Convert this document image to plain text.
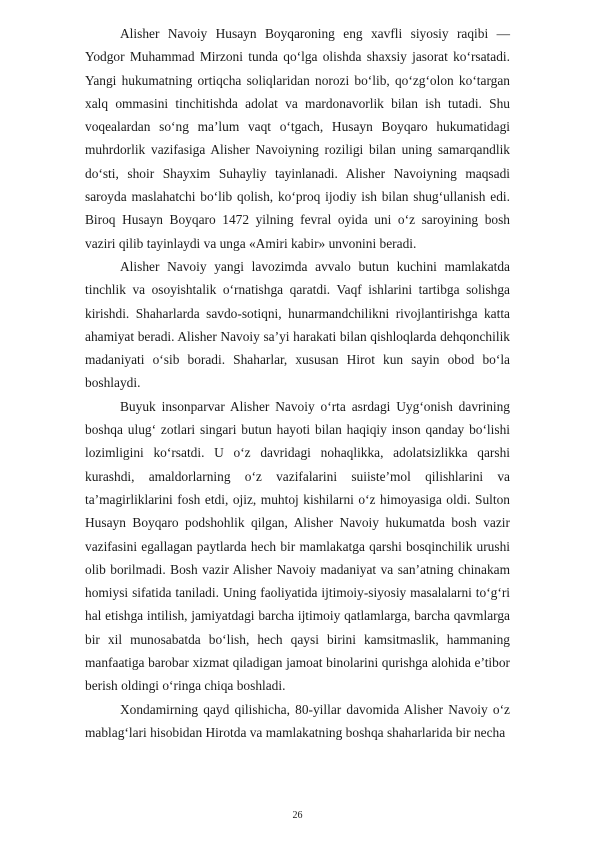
Alisher Navoiy Husayn Boyqaroning eng xavfli siyosiy raqibi — Yodgor Muhammad Mirzoni tunda qo‘lga olishda shaxsiy jasorat ko‘rsatadi. Yangi hukumatning ortiqcha soliqlaridan norozi bo‘lib, qo‘zg‘olon ko‘targan xalq ommasini tinchitishda adolat va mardonavorlik bilan ish tutadi. Shu voqealardan so‘ng ma’lum vaqt o‘tgach, Husayn Boyqaro hukumatidagi muhrdorlik vazifasiga Alisher Navoiyning roziligi bilan uning samarqandlik do‘sti, shoir Shayxim Suhayliy tayinlanadi. Alisher Navoiyning maqsadi saroyda maslahatchi bo‘lib qolish, ko‘proq ijodiy ish bilan shug‘ullanish edi. Biroq Husayn Boyqaro 1472 yilning fevral oyida uni o‘z saroyining bosh vaziri qilib tayinlaydi va unga «Amiri kabir» unvonini beradi.

Alisher Navoiy yangi lavozimda avvalo butun kuchini mamlakatda tinchlik va osoyishtalik o‘rnatishga qaratdi. Vaqf ishlarini tartibga solishga kirishdi. Shaharlarda savdo-sotiqni, hunarmandchilikni rivojlantirishga katta ahamiyat beradi. Alisher Navoiy sa’yi harakati bilan qishloqlarda dehqonchilik madaniyati o‘sib boradi. Shaharlar, xususan Hirot kun sayin obod bo‘la boshlaydi.

Buyuk insonparvar Alisher Navoiy o‘rta asrdagi Uyg‘onish davrining boshqa ulug‘ zotlari singari butun hayoti bilan haqiqiy inson qanday bo‘lishi lozimligini ko‘rsatdi. U o‘z davridagi nohaqlikka, adolatsizlikka qarshi kurashdi, amaldorlarning o‘z vazifalarini suiiste’mol qilishlarini va ta’magirliklarini fosh etdi, ojiz, muhtoj kishilarni o‘z himoyasiga oldi. Sulton Husayn Boyqaro podshohlik qilgan, Alisher Navoiy hukumatda bosh vazir vazifasini egallagan paytlarda hech bir mamlakatga qarshi bosqinchilik urushi olib borilmadi. Bosh vazir Alisher Navoiy madaniyat va san’atning chinakam homiysi sifatida taniladi. Uning faoliyatida ijtimoiy-siyosiy masalalarni to‘g‘ri hal etishga intilish, jamiyatdagi barcha ijtimoiy qatlamlarga, barcha qavmlarga bir xil munosabatda bo‘lish, hech qaysi birini kamsitmaslik, hammaning manfaatiga barobar xizmat qiladigan jamoat binolarini qurishga alohida e’tibor berish oldingi o‘ringa chiqa boshladi.

Xondamirning qayd qilishicha, 80-yillar davomida Alisher Navoiy o‘z mablag‘lari hisobidan Hirotda va mamlakatning boshqa shaharlarida bir necha

26
